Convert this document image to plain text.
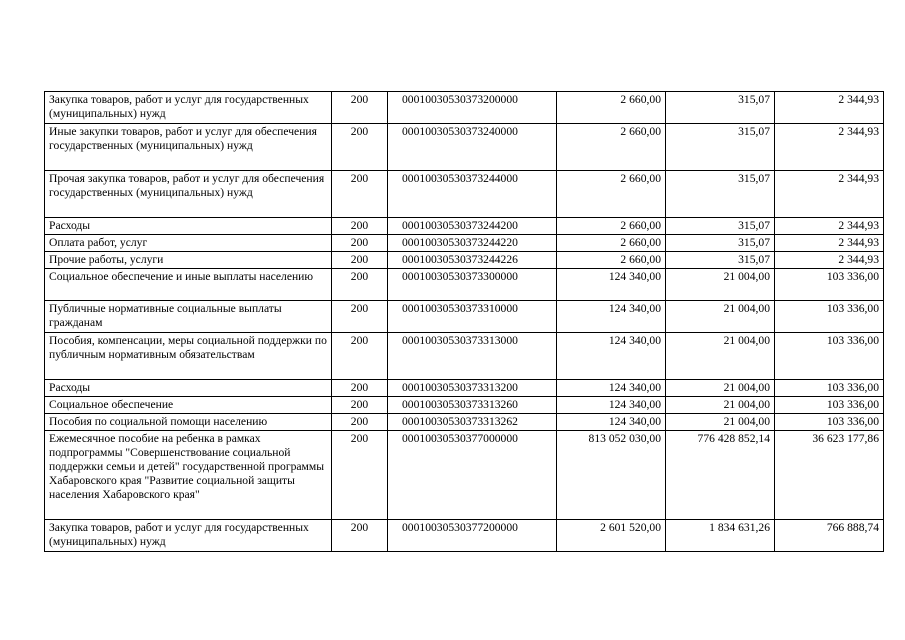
Закупка товаров, работ и услуг для государственных (муниципальных) нужд	200	00010030530373200000	2 660,00	315,07	2 344,93
Иные закупки товаров, работ и услуг для обеспечения государственных (муниципальных) нужд	200	00010030530373240000	2 660,00	315,07	2 344,93
Прочая закупка товаров, работ и услуг для обеспечения государственных (муниципальных) нужд	200	00010030530373244000	2 660,00	315,07	2 344,93
Расходы	200	00010030530373244200	2 660,00	315,07	2 344,93
Оплата работ, услуг	200	00010030530373244220	2 660,00	315,07	2 344,93
Прочие работы, услуги	200	00010030530373244226	2 660,00	315,07	2 344,93
Социальное обеспечение и иные выплаты населению	200	00010030530373300000	124 340,00	21 004,00	103 336,00
Публичные нормативные социальные выплаты гражданам	200	00010030530373310000	124 340,00	21 004,00	103 336,00
Пособия, компенсации, меры социальной поддержки по публичным нормативным обязательствам	200	00010030530373313000	124 340,00	21 004,00	103 336,00
Расходы	200	00010030530373313200	124 340,00	21 004,00	103 336,00
Социальное обеспечение	200	00010030530373313260	124 340,00	21 004,00	103 336,00
Пособия по социальной помощи населению	200	00010030530373313262	124 340,00	21 004,00	103 336,00
Ежемесячное пособие на ребенка в рамках подпрограммы "Совершенствование социальной поддержки семьи и детей" государственной программы Хабаровского края "Развитие социальной защиты населения Хабаровского края"	200	00010030530377000000	813 052 030,00	776 428 852,14	36 623 177,86
Закупка товаров, работ и услуг для государственных (муниципальных) нужд	200	00010030530377200000	2 601 520,00	1 834 631,26	766 888,74
